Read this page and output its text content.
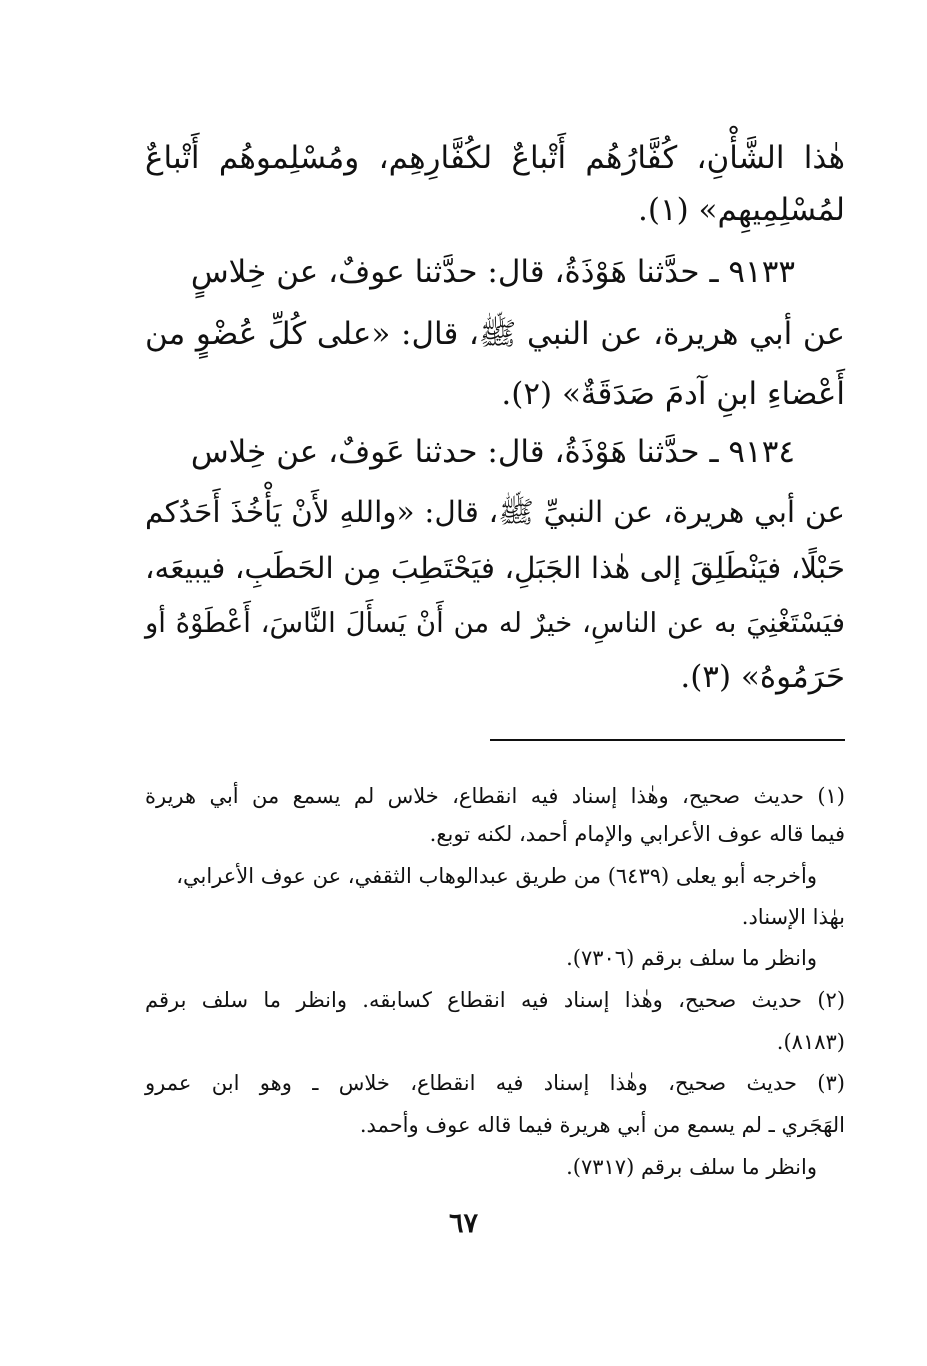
هٰذا الشَّأْنِ، كُفَّارُهُم أَتْباعٌ لكُفَّارِهِم، ومُسْلِموهُم أَتْباعٌ
لمُسْلِمِيهِم» (١).
٩١٣٣ ـ حدَّثنا هَوْذَةُ، قال: حدَّثنا عوفٌ، عن خِلاسٍ
عن أبي هريرة، عن النبي ﷺ، قال: «على كُلِّ عُضْوٍ من
أَعْضاءِ ابنِ آدمَ صَدَقَةٌ» (٢).
٩١٣٤ ـ حدَّثنا هَوْذَةُ، قال: حدثنا عَوفٌ، عن خِلاس
عن أبي هريرة، عن النبيِّ ﷺ، قال: «واللهِ لأَنْ يَأْخُذَ أَحَدُكم
حَبْلًا، فيَنْطَلِقَ إلى هٰذا الجَبَلِ، فيَحْتَطِبَ مِن الحَطَبِ، فيبيعَه،
فيَسْتَغْنِيَ به عن الناسِ، خيرٌ له من أَنْ يَسأَلَ النَّاسَ، أَعْطَوْهُ أو
حَرَمُوهُ» (٣).
(١) حديث صحيح، وهٰذا إسناد فيه انقطاع، خلاس لم يسمع من أبي هريرة
فيما قاله عوف الأعرابي والإمام أحمد، لكنه توبع.
وأخرجه أبو يعلى (٦٤٣٩) من طريق عبدالوهاب الثقفي، عن عوف الأعرابي،
بهٰذا الإسناد.
وانظر ما سلف برقم (٧٣٠٦).
(٢) حديث صحيح، وهٰذا إسناد فيه انقطاع كسابقه. وانظر ما سلف برقم
(٨١٨٣).
(٣) حديث صحيح، وهٰذا إسناد فيه انقطاع، خلاس ـ وهو ابن عمرو
الهَجَري ـ لم يسمع من أبي هريرة فيما قاله عوف وأحمد.
وانظر ما سلف برقم (٧٣١٧).
٦٧
